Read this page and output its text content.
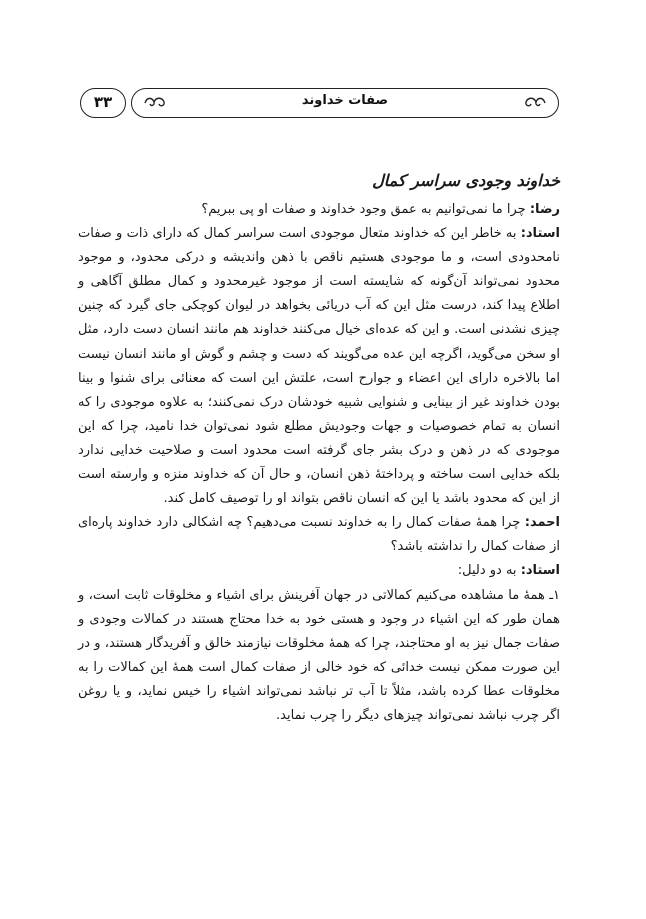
صفات خداوند
۳۳
خداوند وجودی سراسر کمال

رضا: چرا ما نمی‌توانیم به عمق وجود خداوند و صفات او پی ببریم؟

استاد: به خاطر این که خداوند متعال موجودی است سراسر کمال که دارای ذات و صفات نامحدودی است، و ما موجودی هستیم ناقص با ذهن واندیشه و درکی محدود، و موجود محدود نمی‌تواند آن‌گونه که شایسته است از موجود غیرمحدود و کمال مطلق آگاهی و اطلاع پیدا کند، درست مثل این که آب دریائی بخواهد در لیوان کوچکی جای گیرد که چنین چیزی نشدنی است. و این که عده‌ای خیال می‌کنند خداوند هم مانند انسان دست دارد، مثل او سخن می‌گوید، اگرچه این عده می‌گویند که دست و چشم و گوش او مانند انسان نیست اما بالاخره دارای این اعضاء و جوارح است، علتش این است که معنائی برای شنوا و بینا بودن خداوند غیر از بینایی و شنوایی شبیه خودشان درک نمی‌کنند؛ به علاوه موجودی را که انسان به تمام خصوصیات و جهات وجودیش مطلع شود نمی‌توان خدا نامید، چرا که این موجودی که در ذهن و درک بشر جای گرفته است محدود است و صلاحیت خدایی ندارد بلکه خدایی است ساخته و پرداختهٔ ذهن انسان، و حال آن که خداوند منزه و وارسته است از این که محدود باشد یا این که انسان ناقص بتواند او را توصیف کامل کند.

احمد: چرا همهٔ صفات کمال را به خداوند نسبت می‌دهیم؟ چه اشکالی دارد خداوند پاره‌ای از صفات کمال را نداشته باشد؟

استاد: به دو دلیل:

۱ـ همهٔ ما مشاهده می‌کنیم کمالاتی در جهان آفرینش برای اشیاء و مخلوقات ثابت است، و همان طور که این اشیاء در وجود و هستی خود به خدا محتاج هستند در کمالات وجودی و صفات جمال نیز به او محتاجند، چرا که همهٔ مخلوقات نیازمند خالق و آفریدگار هستند، و در این صورت ممکن نیست خدائی که خود خالی از صفات کمال است همهٔ این کمالات را به مخلوقات عطا کرده باشد، مثلاً تا آب تر نباشد نمی‌تواند اشیاء را خیس نماید، و یا روغن اگر چرب نباشد نمی‌تواند چیزهای دیگر را چرب نماید.
